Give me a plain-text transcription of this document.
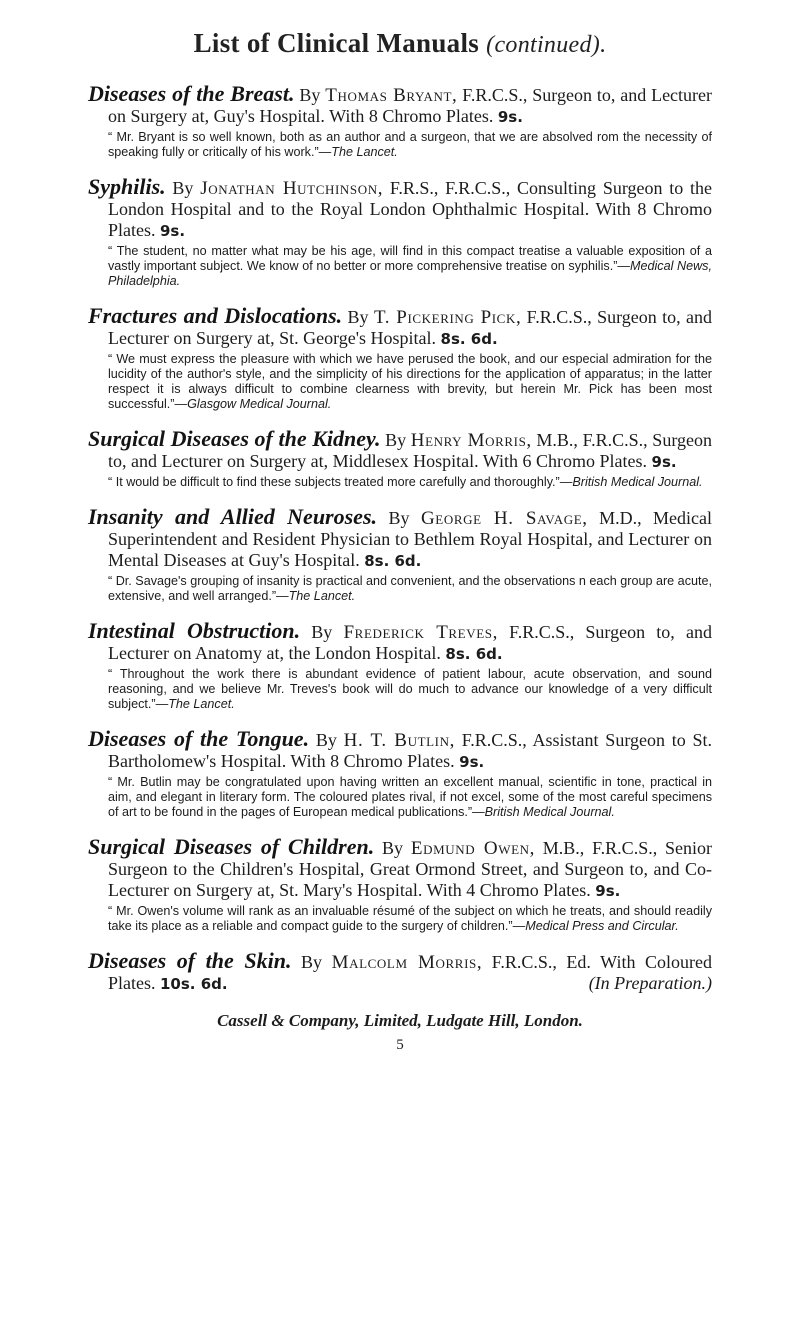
List of Clinical Manuals (continued).

Diseases of the Breast. By Thomas Bryant, F.R.C.S., Surgeon to, and Lecturer on Surgery at, Guy's Hospital. With 8 Chromo Plates. 9s.

“ Mr. Bryant is so well known, both as an author and a surgeon, that we are absolved rom the necessity of speaking fully or critically of his work.”—The Lancet.

Syphilis. By Jonathan Hutchinson, F.R.S., F.R.C.S., Consulting Surgeon to the London Hospital and to the Royal London Ophthalmic Hospital. With 8 Chromo Plates. 9s.

“ The student, no matter what may be his age, will find in this compact treatise a valuable exposition of a vastly important subject. We know of no better or more comprehensive treatise on syphilis.”—Medical News, Philadelphia.

Fractures and Dislocations. By T. Pickering Pick, F.R.C.S., Surgeon to, and Lecturer on Surgery at, St. George's Hospital. 8s. 6d.

“ We must express the pleasure with which we have perused the book, and our especial admiration for the lucidity of the author's style, and the simplicity of his directions for the application of apparatus; in the latter respect it is always difficult to combine clearness with brevity, but herein Mr. Pick has been most successful.”—Glasgow Medical Journal.

Surgical Diseases of the Kidney. By Henry Morris, M.B., F.R.C.S., Surgeon to, and Lecturer on Surgery at, Middlesex Hospital. With 6 Chromo Plates. 9s.

“ It would be difficult to find these subjects treated more carefully and thoroughly.”—British Medical Journal.

Insanity and Allied Neuroses. By George H. Savage, M.D., Medical Superintendent and Resident Physician to Bethlem Royal Hospital, and Lecturer on Mental Diseases at Guy's Hospital. 8s. 6d.

“ Dr. Savage's grouping of insanity is practical and convenient, and the observations n each group are acute, extensive, and well arranged.”—The Lancet.

Intestinal Obstruction. By Frederick Treves, F.R.C.S., Surgeon to, and Lecturer on Anatomy at, the London Hospital. 8s. 6d.

“ Throughout the work there is abundant evidence of patient labour, acute observation, and sound reasoning, and we believe Mr. Treves's book will do much to advance our knowledge of a very difficult subject.”—The Lancet.

Diseases of the Tongue. By H. T. Butlin, F.R.C.S., Assistant Surgeon to St. Bartholomew's Hospital. With 8 Chromo Plates. 9s.

“ Mr. Butlin may be congratulated upon having written an excellent manual, scientific in tone, practical in aim, and elegant in literary form. The coloured plates rival, if not excel, some of the most careful specimens of art to be found in the pages of European medical publications.”—British Medical Journal.

Surgical Diseases of Children. By Edmund Owen, M.B., F.R.C.S., Senior Surgeon to the Children's Hospital, Great Ormond Street, and Surgeon to, and Co-Lecturer on Surgery at, St. Mary's Hospital. With 4 Chromo Plates. 9s.

“ Mr. Owen's volume will rank as an invaluable résumé of the subject on which he treats, and should readily take its place as a reliable and compact guide to the surgery of children.”—Medical Press and Circular.

Diseases of the Skin. By Malcolm Morris, F.R.C.S., Ed. With Coloured Plates. 10s. 6d.	(In Preparation.)

Cassell & Company, Limited, Ludgate Hill, London.
5
